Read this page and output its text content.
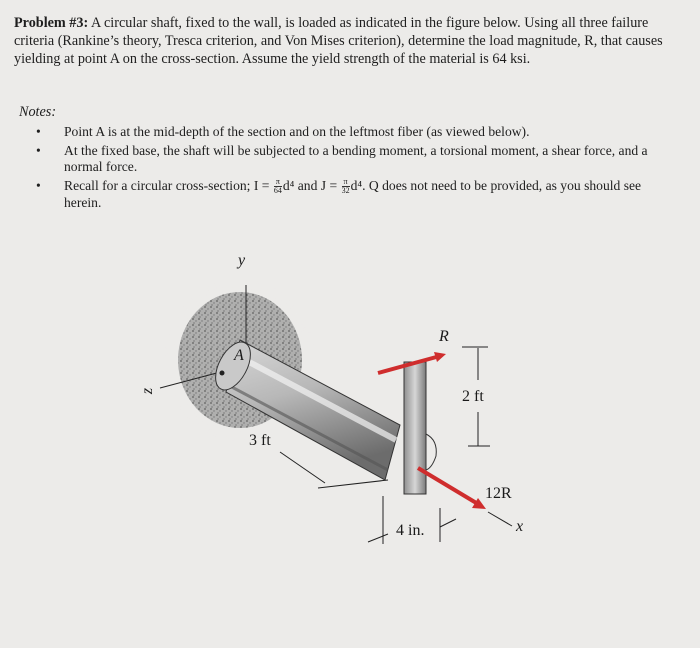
Problem #3: A circular shaft, fixed to the wall, is loaded as indicated in the figure below. Using all three failure criteria (Rankine’s theory, Tresca criterion, and Von Mises criterion), determine the load magnitude, R, that causes yielding at point A on the cross-section. Assume the yield strength of the material is 64 ksi.
Notes:
• Point A is at the mid-depth of the section and on the leftmost fiber (as viewed below).
• At the fixed base, the shaft will be subjected to a bending moment, a torsional moment, a shear force, and a normal force.
• Recall for a circular cross-section; $I = \frac{\pi}{64} d^4$ and $J = \frac{\pi}{32} d^4$. Q does not need to be provided, as you should see herein.
y
z
A
R
3 ft
2 ft
4 in.
12R
x
